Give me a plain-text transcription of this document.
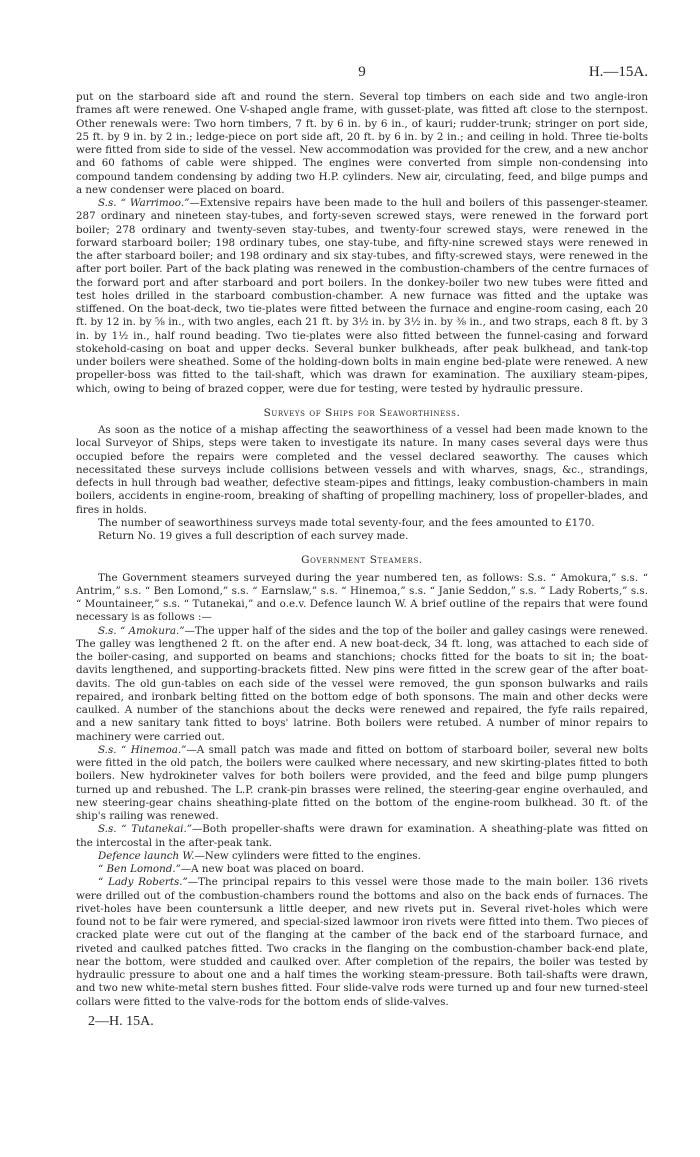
9	H.—15A.

put on the starboard side aft and round the stern. Several top timbers on each side and two angle-iron frames aft were renewed. One V-shaped angle frame, with gusset-plate, was fitted aft close to the sternpost. Other renewals were: Two horn timbers, 7 ft. by 6 in. by 6 in., of kauri; rudder-trunk; stringer on port side, 25 ft. by 9 in. by 2 in.; ledge-piece on port side aft, 20 ft. by 6 in. by 2 in.; and ceiling in hold. Three tie-bolts were fitted from side to side of the vessel. New accommodation was provided for the crew, and a new anchor and 60 fathoms of cable were shipped. The engines were converted from simple non-condensing into compound tandem condensing by adding two H.P. cylinders. New air, circulating, feed, and bilge pumps and a new condenser were placed on board.

S.s. “ Warrimoo.”—Extensive repairs have been made to the hull and boilers of this passenger-steamer. 287 ordinary and nineteen stay-tubes, and forty-seven screwed stays, were renewed in the forward port boiler; 278 ordinary and twenty-seven stay-tubes, and twenty-four screwed stays, were renewed in the forward starboard boiler; 198 ordinary tubes, one stay-tube, and fifty-nine screwed stays were renewed in the after starboard boiler; and 198 ordinary and six stay-tubes, and fifty-screwed stays, were renewed in the after port boiler. Part of the back plating was renewed in the combustion-chambers of the centre furnaces of the forward port and after starboard and port boilers. In the donkey-boiler two new tubes were fitted and test holes drilled in the starboard combustion-chamber. A new furnace was fitted and the uptake was stiffened. On the boat-deck, two tie-plates were fitted between the furnace and engine-room casing, each 20 ft. by 12 in. by ⅝ in., with two angles, each 21 ft. by 3½ in. by 3½ in. by ⅜ in., and two straps, each 8 ft. by 3 in. by 1½ in., half round beading. Two tie-plates were also fitted between the funnel-casing and forward stokehold-casing on boat and upper decks. Several bunker bulkheads, after peak bulkhead, and tank-top under boilers were sheathed. Some of the holding-down bolts in main engine bed-plate were renewed. A new propeller-boss was fitted to the tail-shaft, which was drawn for examination. The auxiliary steam-pipes, which, owing to being of brazed copper, were due for testing, were tested by hydraulic pressure.

Surveys of Ships for Seaworthiness.

As soon as the notice of a mishap affecting the seaworthiness of a vessel had been made known to the local Surveyor of Ships, steps were taken to investigate its nature. In many cases several days were thus occupied before the repairs were completed and the vessel declared seaworthy. The causes which necessitated these surveys include collisions between vessels and with wharves, snags, &c., strandings, defects in hull through bad weather, defective steam-pipes and fittings, leaky combustion-chambers in main boilers, accidents in engine-room, breaking of shafting of propelling machinery, loss of propeller-blades, and fires in holds.

The number of seaworthiness surveys made total seventy-four, and the fees amounted to £170.

Return No. 19 gives a full description of each survey made.

Government Steamers.

The Government steamers surveyed during the year numbered ten, as follows: S.s. “ Amokura,” s.s. “ Antrim,” s.s. “ Ben Lomond,” s.s. “ Earnslaw,” s.s. “ Hinemoa,” s.s. “ Janie Seddon,” s.s. “ Lady Roberts,” s.s. “ Mountaineer,” s.s. “ Tutanekai,” and o.e.v. Defence launch W. A brief outline of the repairs that were found necessary is as follows :—

S.s. “ Amokura.”—The upper half of the sides and the top of the boiler and galley casings were renewed. The galley was lengthened 2 ft. on the after end. A new boat-deck, 34 ft. long, was attached to each side of the boiler-casing, and supported on beams and stanchions; chocks fitted for the boats to sit in; the boat-davits lengthened, and supporting-brackets fitted. New pins were fitted in the screw gear of the after boat-davits. The old gun-tables on each side of the vessel were removed, the gun sponson bulwarks and rails repaired, and ironbark belting fitted on the bottom edge of both sponsons. The main and other decks were caulked. A number of the stanchions about the decks were renewed and repaired, the fyfe rails repaired, and a new sanitary tank fitted to boys' latrine. Both boilers were retubed. A number of minor repairs to machinery were carried out.

S.s. “ Hinemoa.”—A small patch was made and fitted on bottom of starboard boiler, several new bolts were fitted in the old patch, the boilers were caulked where necessary, and new skirting-plates fitted to both boilers. New hydrokineter valves for both boilers were provided, and the feed and bilge pump plungers turned up and rebushed. The L.P. crank-pin brasses were relined, the steering-gear engine overhauled, and new steering-gear chains sheathing-plate fitted on the bottom of the engine-room bulkhead. 30 ft. of the ship's railing was renewed.

S.s. “ Tutanekai.”—Both propeller-shafts were drawn for examination. A sheathing-plate was fitted on the intercostal in the after-peak tank.

Defence launch W.—New cylinders were fitted to the engines.

“ Ben Lomond.”—A new boat was placed on board.

“ Lady Roberts.”—The principal repairs to this vessel were those made to the main boiler. 136 rivets were drilled out of the combustion-chambers round the bottoms and also on the back ends of furnaces. The rivet-holes have been countersunk a little deeper, and new rivets put in. Several rivet-holes which were found not to be fair were rymered, and special-sized lawmoor iron rivets were fitted into them. Two pieces of cracked plate were cut out of the flanging at the camber of the back end of the starboard furnace, and riveted and caulked patches fitted. Two cracks in the flanging on the combustion-chamber back-end plate, near the bottom, were studded and caulked over. After completion of the repairs, the boiler was tested by hydraulic pressure to about one and a half times the working steam-pressure. Both tail-shafts were drawn, and two new white-metal stern bushes fitted. Four slide-valve rods were turned up and four new turned-steel collars were fitted to the valve-rods for the bottom ends of slide-valves.

2—H. 15A.
